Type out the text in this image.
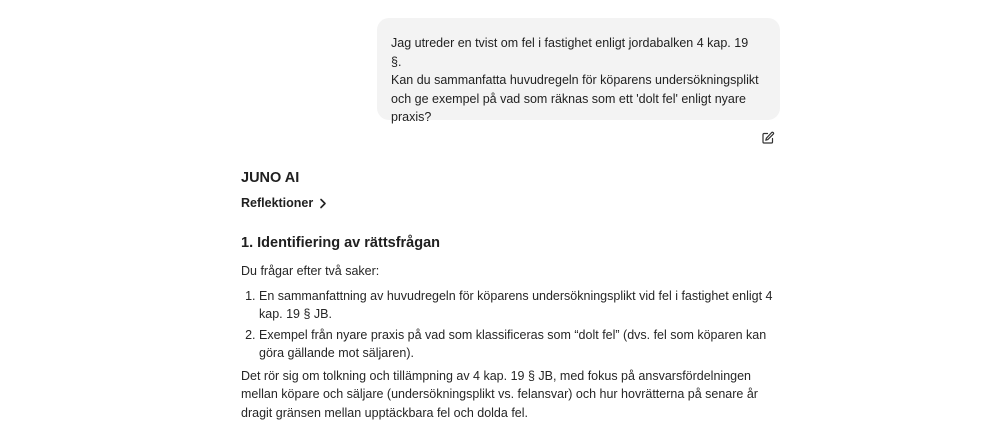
Jag utreder en tvist om fel i fastighet enligt jordabalken 4 kap. 19 §.

Kan du sammanfatta huvudregeln för köparens undersökningsplikt

och ge exempel på vad som räknas som ett 'dolt fel' enligt nyare

praxis?

JUNO AI
Reflektioner
1. Identifiering av rättsfrågan

Du frågar efter två saker:

1. En sammanfattning av huvudregeln för köparens undersökningsplikt vid fel i fastighet enligt 4 kap. 19 § JB.
2. Exempel från nyare praxis på vad som klassificeras som “dolt fel” (dvs. fel som köparen kan göra gällande mot säljaren).

Det rör sig om tolkning och tillämpning av 4 kap. 19 § JB, med fokus på ansvarsfördelningen mellan köpare och säljare (undersökningsplikt vs. felansvar) och hur hovrätterna på senare år dragit gränsen mellan upptäckbara fel och dolda fel.
